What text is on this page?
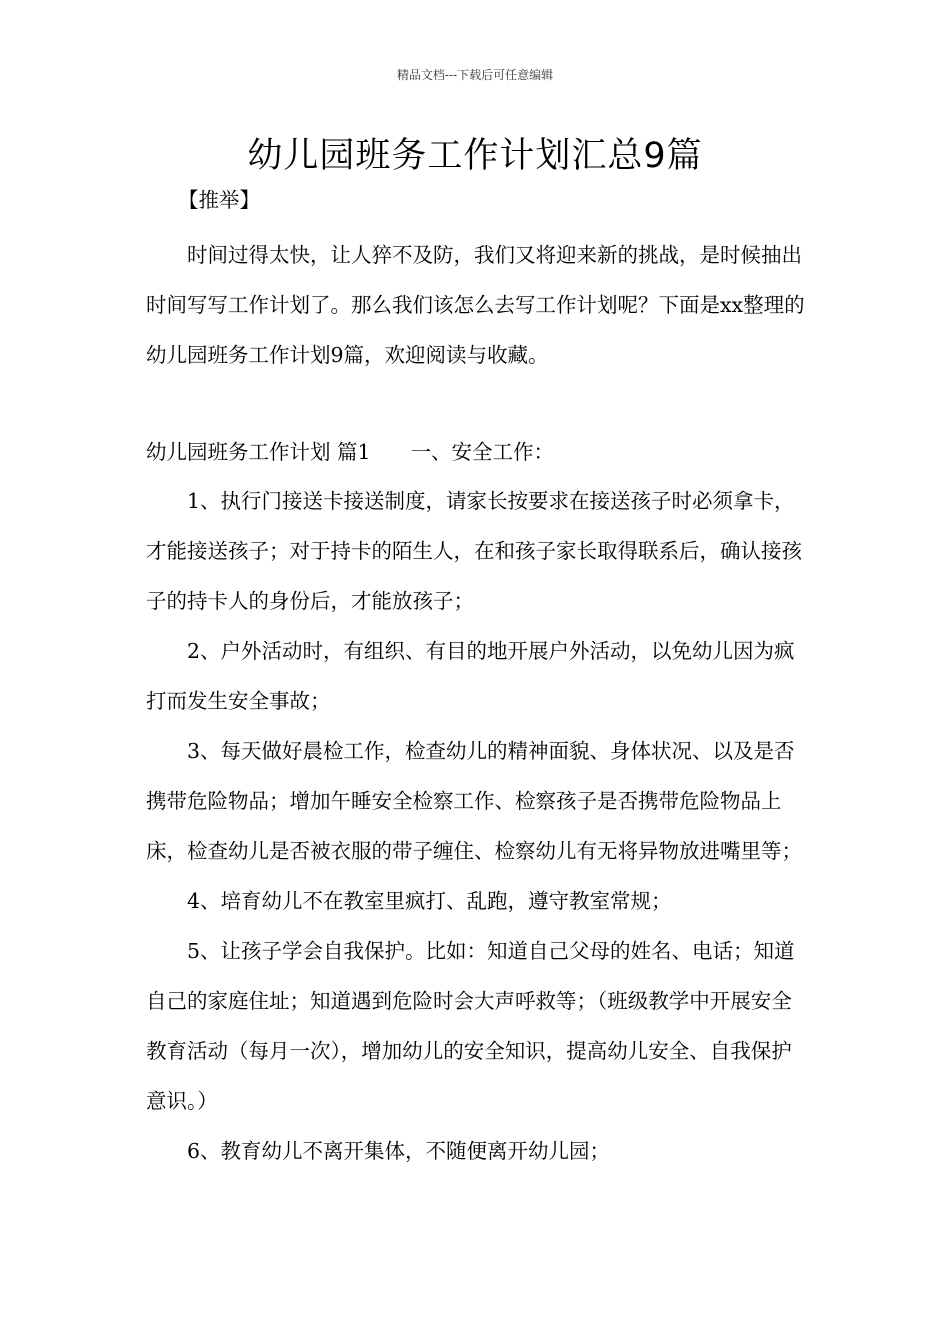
精品文档---下载后可任意编辑
幼儿园班务工作计划汇总9篇
【推举】

时间过得太快，让人猝不及防，我们又将迎来新的挑战，是时候抽出时间写写工作计划了。那么我们该怎么去写工作计划呢？下面是xx整理的幼儿园班务工作计划9篇，欢迎阅读与收藏。

幼儿园班务工作计划 篇1 一、安全工作：

1、执行门接送卡接送制度，请家长按要求在接送孩子时必须拿卡，才能接送孩子；对于持卡的陌生人，在和孩子家长取得联系后，确认接孩子的持卡人的身份后，才能放孩子；

2、户外活动时，有组织、有目的地开展户外活动，以免幼儿因为疯打而发生安全事故；

3、每天做好晨检工作，检查幼儿的精神面貌、身体状况、以及是否携带危险物品；增加午睡安全检察工作、检察孩子是否携带危险物品上床，检查幼儿是否被衣服的带子缠住、检察幼儿有无将异物放进嘴里等；

4、培育幼儿不在教室里疯打、乱跑，遵守教室常规；

5、让孩子学会自我保护。比如：知道自己父母的姓名、电话；知道自己的家庭住址；知道遇到危险时会大声呼救等；（班级教学中开展安全教育活动（每月一次），增加幼儿的安全知识，提高幼儿安全、自我保护意识。）

6、教育幼儿不离开集体，不随便离开幼儿园；
